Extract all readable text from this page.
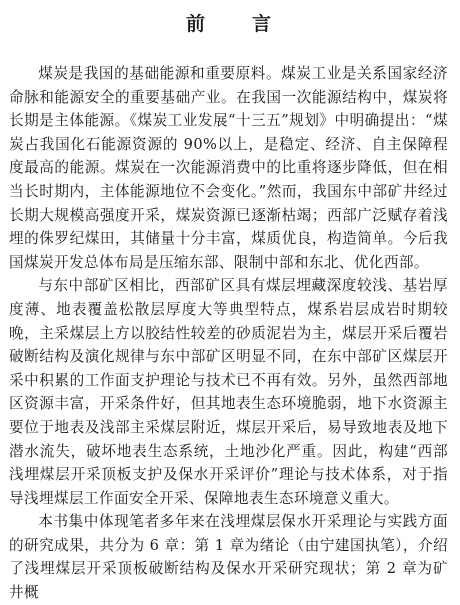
前　言

煤炭是我国的基础能源和重要原料。煤炭工业是关系国家经济命脉和能源安全的重要基础产业。在我国一次能源结构中，煤炭将长期是主体能源。《煤炭工业发展“十三五”规划》中明确提出：“煤炭占我国化石能源资源的 90%以上，是稳定、经济、自主保障程度最高的能源。煤炭在一次能源消费中的比重将逐步降低，但在相当长时期内，主体能源地位不会变化。”然而，我国东中部矿井经过长期大规模高强度开采，煤炭资源已逐渐枯竭；西部广泛赋存着浅埋的侏罗纪煤田，其储量十分丰富，煤质优良，构造简单。今后我国煤炭开发总体布局是压缩东部、限制中部和东北、优化西部。

与东中部矿区相比，西部矿区具有煤层埋藏深度较浅、基岩厚度薄、地表覆盖松散层厚度大等典型特点，煤系岩层成岩时期较晚，主采煤层上方以胶结性较差的砂质泥岩为主，煤层开采后覆岩破断结构及演化规律与东中部矿区明显不同，在东中部矿区煤层开采中积累的工作面支护理论与技术已不再有效。另外，虽然西部地区资源丰富，开采条件好，但其地表生态环境脆弱，地下水资源主要位于地表及浅部主采煤层附近，煤层开采后，易导致地表及地下潜水流失，破坏地表生态系统，土地沙化严重。因此，构建“西部浅埋煤层开采顶板支护及保水开采评价”理论与技术体系，对于指导浅埋煤层工作面安全开采、保障地表生态环境意义重大。

本书集中体现笔者多年来在浅埋煤层保水开采理论与实践方面的研究成果，共分为 6 章：第 1 章为绪论（由宁建国执笔），介绍了浅埋煤层开采顶板破断结构及保水开采研究现状；第 2 章为矿井概
